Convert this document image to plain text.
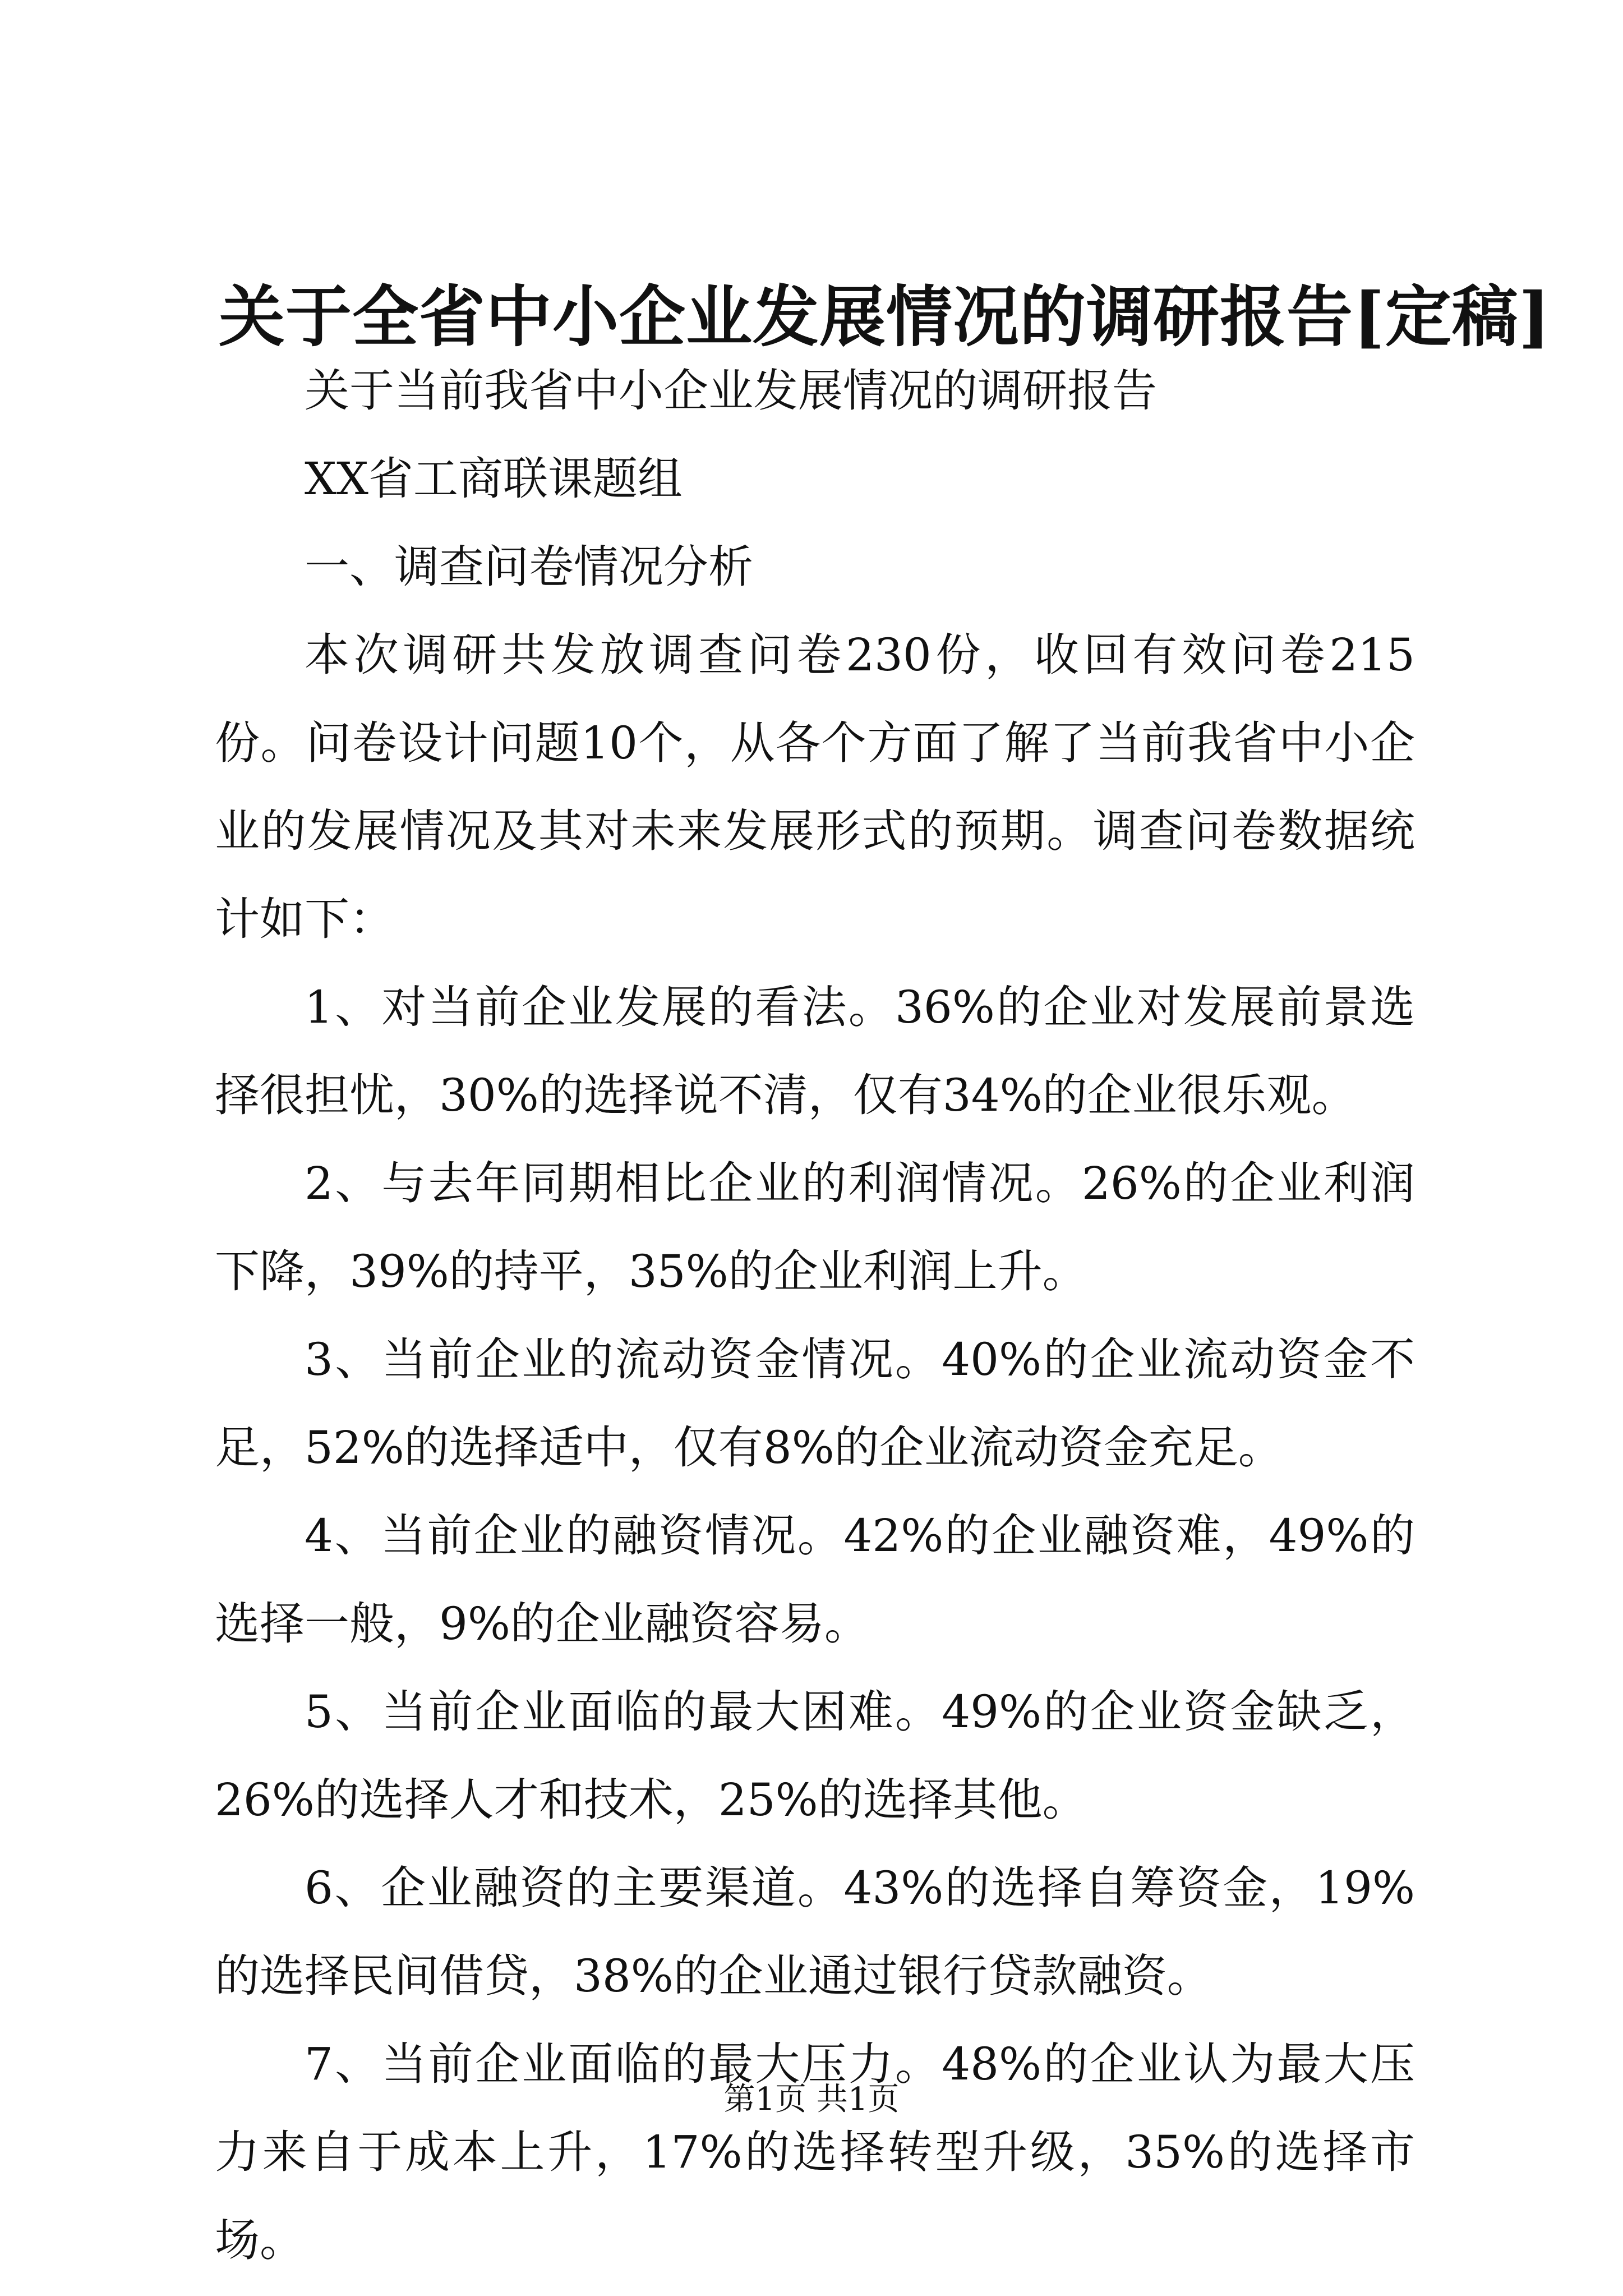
关于全省中小企业发展情况的调研报告[定稿]

关于当前我省中小企业发展情况的调研报告

XX省工商联课题组

一、调查问卷情况分析

本次调研共发放调查问卷230份，收回有效问卷215份。问卷设计问题10个，从各个方面了解了当前我省中小企业的发展情况及其对未来发展形式的预期。调查问卷数据统计如下：

1、对当前企业发展的看法。36%的企业对发展前景选择很担忧，30%的选择说不清，仅有34%的企业很乐观。

2、与去年同期相比企业的利润情况。26%的企业利润下降，39%的持平，35%的企业利润上升。

3、当前企业的流动资金情况。40%的企业流动资金不足，52%的选择适中，仅有8%的企业流动资金充足。

4、当前企业的融资情况。42%的企业融资难，49%的选择一般，9%的企业融资容易。

5、当前企业面临的最大困难。49%的企业资金缺乏，26%的选择人才和技术，25%的选择其他。

6、企业融资的主要渠道。43%的选择自筹资金，19%的选择民间借贷，38%的企业通过银行贷款融资。

7、当前企业面临的最大压力。48%的企业认为最大压力来自于成本上升，17%的选择转型升级，35%的选择市场。

第1页 共1页
